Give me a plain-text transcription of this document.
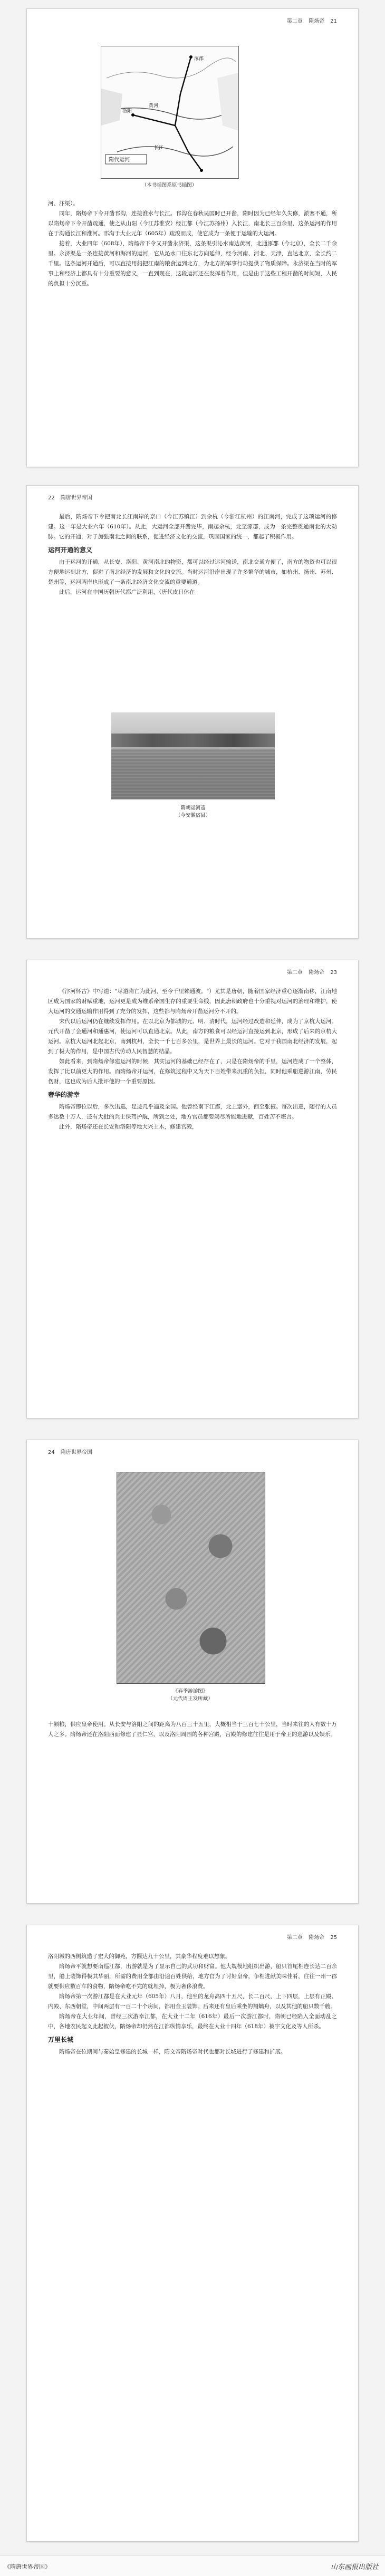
第二章 隋炀帝 21
涿郡
黄河
洛阳
长江
隋代运河
（本书插图系原书插图）

河、汴渠）。

同年，隋炀帝下令开凿邗沟，连接淮水与长江。邗沟在春秋吴国时已开凿，隋时因为已经年久失修，淤塞不通，所以隋炀帝下令开凿疏通，使之从山阳（今江苏淮安）经江都（今江苏扬州）入长江，南北长三百余里，这条运河的作用在于沟通长江和淮河。邗沟于大业元年（605年）疏浚而成，使它成为一条便于运输的大运河。

接着，大业四年（608年），隋炀帝下令又开凿永济渠，这条渠引沁水南达黄河，北通涿郡（今北京），全长二千余里。永济渠是一条连接黄河和海河的运河，它从沁水口往东北方向延伸，经今河南、河北、天津，直达北京，全长约二千里。这条运河开通后，可以直接用船把江南的粮食运到北方，为北方的军事行动提供了物质保障。永济渠在当时的军事上和经济上都具有十分重要的意义，一直到现在，这段运河还在发挥着作用，但是由于这些工程开凿的时间短，人民的负担十分沉重。

22 隋唐世界帝国

最后，隋炀帝下令把南北长江南岸的京口（今江苏镇江）到余杭（今浙江杭州）的江南河，完成了这项运河的修建。这一年是大业六年（610年）。从此，大运河全部开凿完毕，南起余杭，北至涿郡，成为一条完整贯通南北的大动脉。它的开通，对于加强南北之间的联系，促进经济文化的交流，巩固国家的统一，都起了积极作用。

运河开通的意义

由于运河的开通，从长安、洛阳、黄河南北的物资，都可以经过运河输送，南北交通方便了，南方的物资也可以很方便地运到北方，促进了南北经济的发展和文化的交流。当时运河沿岸出现了许多繁华的城市，如杭州、扬州、苏州、楚州等，运河两岸也形成了一条南北经济文化交流的重要通道。

此后，运河在中国历朝历代都广泛利用，（唐代皮日休在

隋朝运河遗
（今安徽宿县）
第二章 隋炀帝 23

《汴河怀古》中写道："尽道隋亡为此河，至今千里赖通波。"）尤其是唐朝，随着国家经济重心逐渐南移，江南地区成为国家的财赋重地，运河更是成为维系帝国生存的重要生命线，因此唐朝政府也十分重视对运河的治理和维护，使大运河的交通运输作用得到了充分的发挥，这些都与隋炀帝开凿运河分不开的。

宋代以后运河仍在继续发挥作用。在以北京为都城的元、明、清时代，运河经过改造和延伸，成为了京杭大运河。元代开凿了会通河和通惠河，使运河可以直通北京。从此，南方的粮食可以经运河直接运到北京，形成了后来的京杭大运河。京杭大运河北起北京，南到杭州，全长一千七百多公里，是世界上最长的运河。它对于我国南北经济的发展，起到了极大的作用，是中国古代劳动人民智慧的结晶。

如此看来，到隋炀帝修建运河的时候，其实运河的基础已经存在了，只是在隋炀帝的手里，运河连成了一个整体，发挥了比以前更大的作用。而隋炀帝开运河，在修筑过程中又为天下百姓带来沉重的负担，同时他乘船巡游江南，劳民伤财，这也成为后人批评他的一个重要原因。

奢华的游幸

隋炀帝即位以后，多次出巡，足迹几乎遍及全国。他曾经南下江都，北上塞外，西至张掖。每次出巡，随行的人员多达数十万人，还有大批的兵士保驾护航，所到之处，地方官员都要竭尽所能地进献，百姓苦不堪言。

此外，隋炀帝还在长安和洛阳等地大兴土木，修建宫殿，

24 隋唐世界帝国
《春季游游图》
（元代周王发所藏）

十顿粮，供应皇帝使用。从长安与洛阳之间的距离为八百三十五里，大概相当于三百七十公里，当时来往的人有数十万人之多。隋炀帝还在洛阳西面修建了显仁宫，以及洛阳周围的各种宫殿，宫殿的修建往往是用于帝王的巡游以及娱乐。

第二章 隋炀帝 25

洛阳城的西侧筑造了宏大的御苑，方圆达九十公里，其豪华程度难以想象。

隋炀帝平就想要南巡江都，出游就是为了显示自己的武功和财富。他大规模地组织出游，船只首尾相连长达二百余里，船上装饰得极其华丽，所需的费用全部由沿途百姓供给，地方官为了讨好皇帝，争相进献美味佳肴，往往一州一郡就要供应数百车的食物，隋炀帝吃不完的就埋掉，极为奢侈浪费。

隋炀帝第一次游江都是在大业元年（605年）八月，他坐的龙舟高四十五尺，长二百尺，上下四层，上层有正殿、内殿、东西朝堂，中间两层有一百二十个房间，都用金玉装饰。后来还有皇后乘坐的翔螭舟，以及其他的船只数千艘。

隋炀帝在大业年间，曾经三次游幸江都，在大业十二年（616年）最后一次游江都时，隋朝已经陷入全面动乱之中，各地农民起义此起彼伏，隋炀帝却仍然在江都纵情享乐，最终在大业十四年（618年）被宇文化及等人所杀。

万里长城

隋炀帝在位期间与秦始皇修建的长城一样，隋文帝隋炀帝时代也都对长城进行了修建和扩展。

《隋唐世界帝国》	山东画报出版社
